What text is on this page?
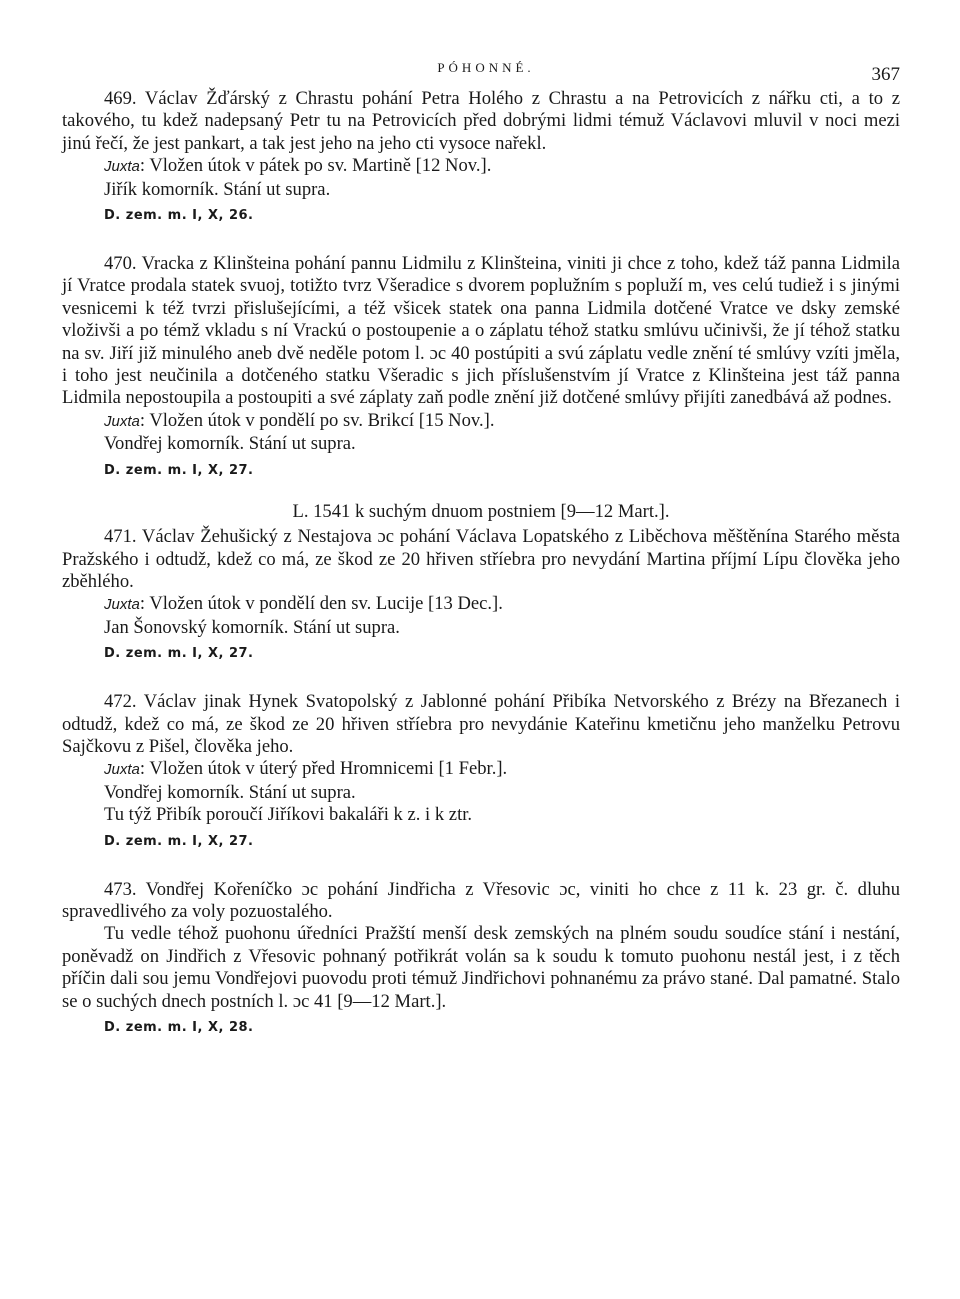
PÓHONNÉ.	367

469. Václav Žďárský z Chrastu pohání Petra Holého z Chrastu a na Petrovicích z nářku cti, a to z takového, tu kdež nadepsaný Petr tu na Petrovicích před dobrými lidmi témuž Václavovi mluvil v noci mezi jinú řečí, že jest pankart, a tak jest jeho na jeho cti vysoce nařekl.

Juxta: Vložen útok v pátek po sv. Martině [12 Nov.].

Jiřík komorník. Stání ut supra.

D. zem. m. I, X, 26.

470. Vracka z Klinšteina pohání pannu Lidmilu z Klinšteina, viniti ji chce z toho, kdež táž panna Lidmila jí Vratce prodala statek svuoj, totižto tvrz Všeradice s dvorem poplužním s popluží m, ves celú tudiež i s jinými vesnicemi k též tvrzi přislušejícími, a též všicek statek ona panna Lidmila dotčené Vratce ve dsky zemské vloživši a po témž vkladu s ní Vrackú o postoupenie a o záplatu téhož statku smlúvu učinivši, že jí téhož statku na sv. Jiří již minulého aneb dvě neděle potom l. ɔc 40 postúpiti a svú záplatu vedle znění té smlúvy vzíti jměla, i toho jest neučinila a dotčeného statku Všeradic s jich příslušenstvím jí Vratce z Klinšteina jest táž panna Lidmila nepostoupila a postoupiti a své záplaty zaň podle znění již dotčené smlúvy přijíti zanedbává až podnes.

Juxta: Vložen útok v pondělí po sv. Brikcí [15 Nov.].

Vondřej komorník. Stání ut supra.

D. zem. m. I, X, 27.
L. 1541 k suchým dnuom postniem [9—12 Mart.].

471. Václav Žehušický z Nestajova ɔc pohání Václava Lopatského z Liběchova měštěnína Starého města Pražského i odtudž, kdež co má, ze škod ze 20 hřiven stříebra pro nevydání Martina příjmí Lípu člověka jeho zběhlého.

Juxta: Vložen útok v pondělí den sv. Lucije [13 Dec.].

Jan Šonovský komorník. Stání ut supra.

D. zem. m. I, X, 27.

472. Václav jinak Hynek Svatopolský z Jablonné pohání Přibíka Netvorského z Brézy na Březanech i odtudž, kdež co má, ze škod ze 20 hřiven stříebra pro nevydánie Kateřinu kmetičnu jeho manželku Petrovu Sajčkovu z Pišel, člověka jeho.

Juxta: Vložen útok v úterý před Hromnicemi [1 Febr.].

Vondřej komorník. Stání ut supra.

Tu týž Přibík poroučí Jiříkovi bakaláři k z. i k ztr.

D. zem. m. I, X, 27.

473. Vondřej Kořeníčko ɔc pohání Jindřicha z Vřesovic ɔc, viniti ho chce z 11 k. 23 gr. č. dluhu spravedlivého za voly pozuostalého.

Tu vedle téhož puohonu úředníci Pražští menší desk zemských na plném soudu soudíce stání i nestání, poněvadž on Jindřich z Vřesovic pohnaný potřikrát volán sa k soudu k tomuto puohonu nestál jest, i z těch příčin dali sou jemu Vondřejovi puovodu proti témuž Jindřichovi pohnanému za právo stané. Dal pamatné. Stalo se o suchých dnech postních l. ɔc 41 [9—12 Mart.].

D. zem. m. I, X, 28.
